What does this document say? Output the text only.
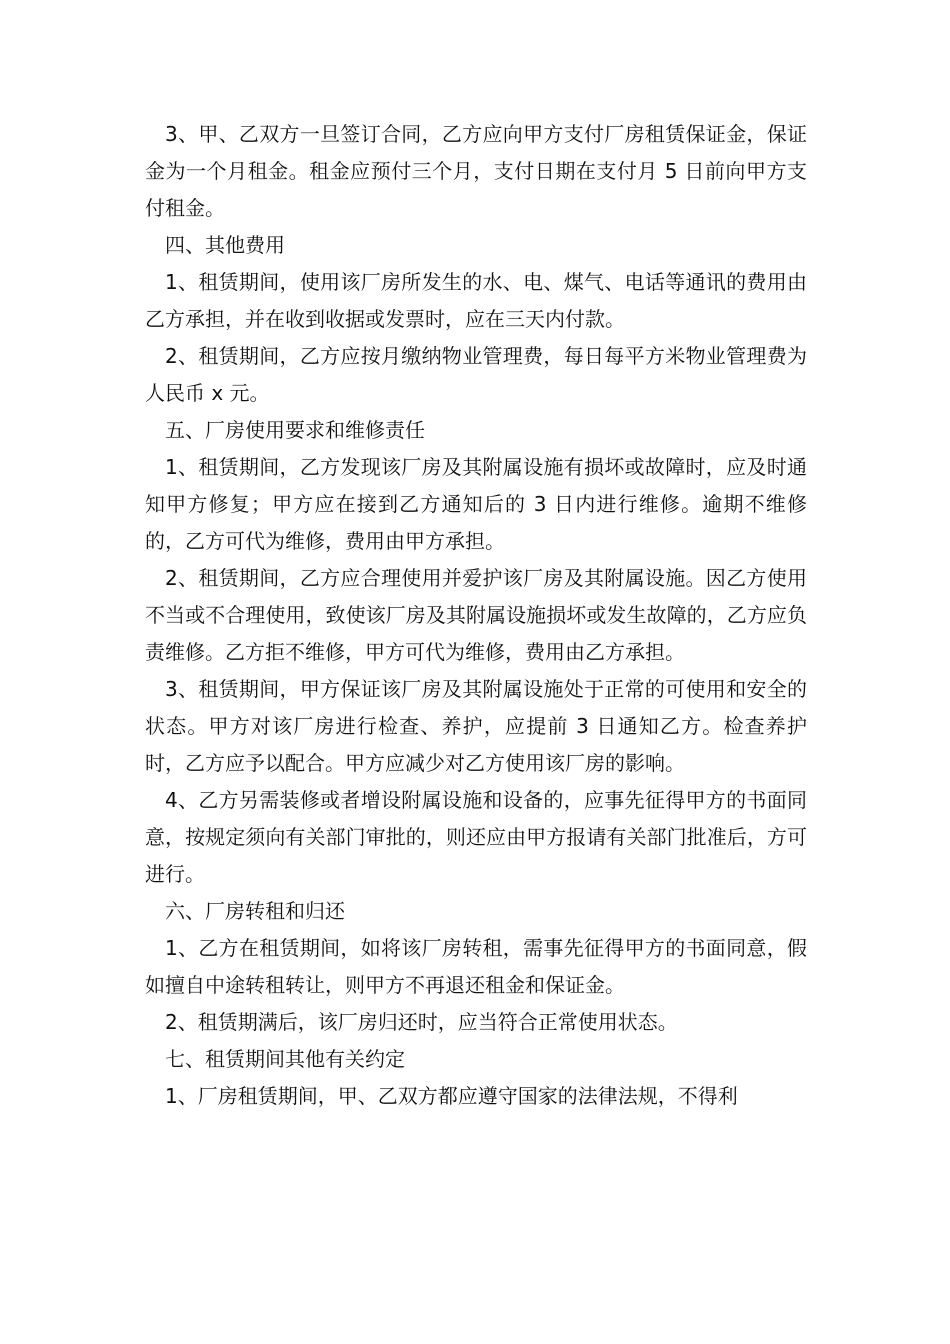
3、甲、乙双方一旦签订合同，乙方应向甲方支付厂房租赁保证金，保证金为一个月租金。租金应预付三个月，支付日期在支付月 5 日前向甲方支付租金。

四、其他费用

1、租赁期间，使用该厂房所发生的水、电、煤气、电话等通讯的费用由乙方承担，并在收到收据或发票时，应在三天内付款。

2、租赁期间，乙方应按月缴纳物业管理费，每日每平方米物业管理费为人民币 x 元。

五、厂房使用要求和维修责任

1、租赁期间，乙方发现该厂房及其附属设施有损坏或故障时，应及时通知甲方修复；甲方应在接到乙方通知后的 3 日内进行维修。逾期不维修的，乙方可代为维修，费用由甲方承担。

2、租赁期间，乙方应合理使用并爱护该厂房及其附属设施。因乙方使用不当或不合理使用，致使该厂房及其附属设施损坏或发生故障的，乙方应负责维修。乙方拒不维修，甲方可代为维修，费用由乙方承担。

3、租赁期间，甲方保证该厂房及其附属设施处于正常的可使用和安全的状态。甲方对该厂房进行检查、养护，应提前 3 日通知乙方。检查养护时，乙方应予以配合。甲方应减少对乙方使用该厂房的影响。

4、乙方另需装修或者增设附属设施和设备的，应事先征得甲方的书面同意，按规定须向有关部门审批的，则还应由甲方报请有关部门批准后，方可进行。

六、厂房转租和归还

1、乙方在租赁期间，如将该厂房转租，需事先征得甲方的书面同意，假如擅自中途转租转让，则甲方不再退还租金和保证金。

2、租赁期满后，该厂房归还时，应当符合正常使用状态。

七、租赁期间其他有关约定

1、厂房租赁期间，甲、乙双方都应遵守国家的法律法规，不得利
